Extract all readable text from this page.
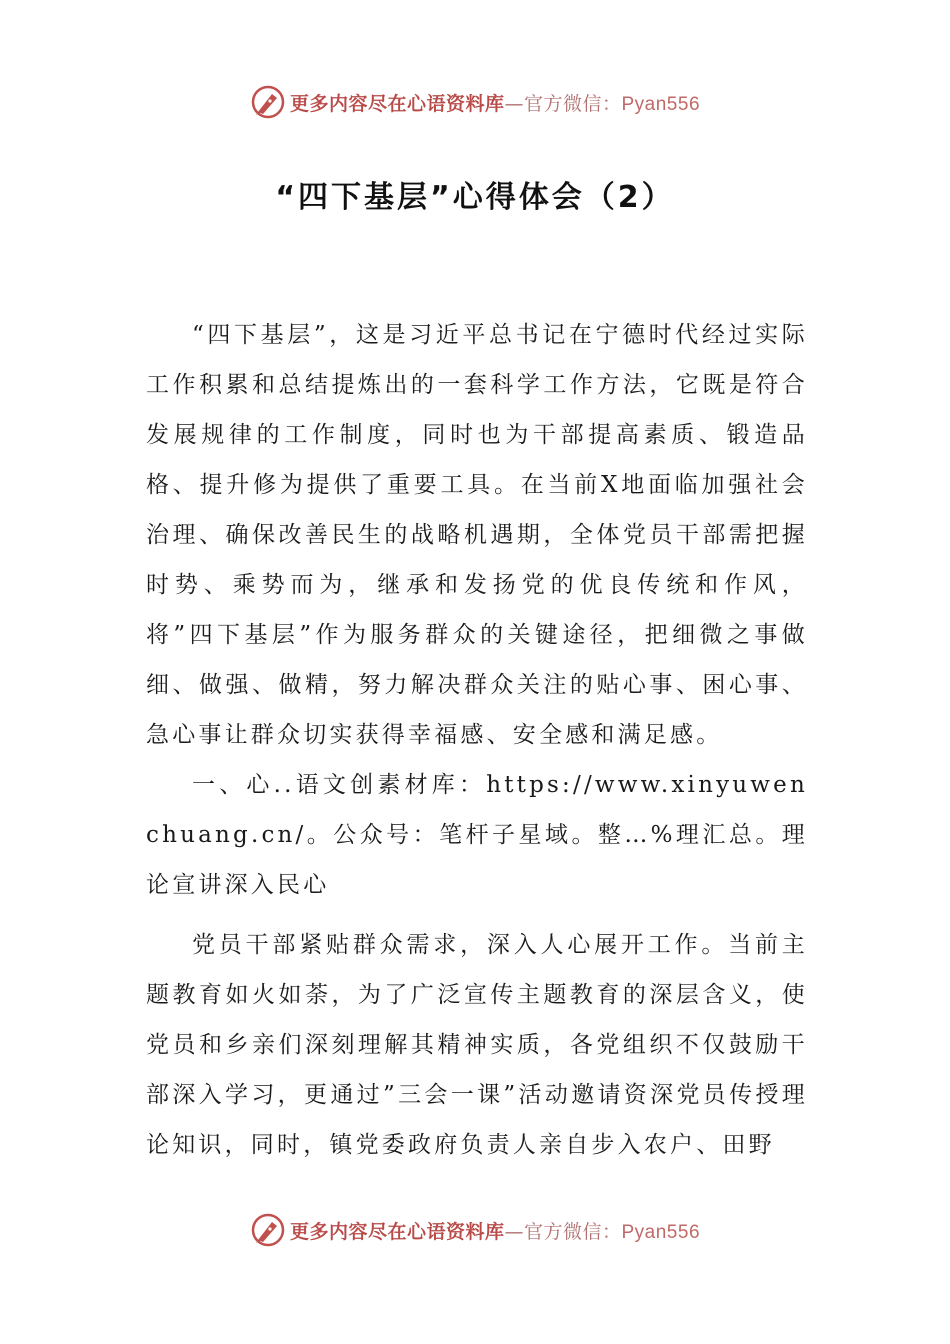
更多内容尽在心语资料库—官方微信：Pyan556
“四下基层”心得体会（2）

“四下基层”，这是习近平总书记在宁德时代经过实际工作积累和总结提炼出的一套科学工作方法，它既是符合发展规律的工作制度，同时也为干部提高素质、锻造品格、提升修为提供了重要工具。在当前X地面临加强社会治理、确保改善民生的战略机遇期，全体党员干部需把握时势、乘势而为，继承和发扬党的优良传统和作风，将”四下基层”作为服务群众的关键途径，把细微之事做细、做强、做精，努力解决群众关注的贴心事、困心事、急心事让群众切实获得幸福感、安全感和满足感。

一、心..语文创素材库：https://www.xinyuwenchuang.cn/。公众号：笔杆子星域。整…%理汇总。理论宣讲深入民心

党员干部紧贴群众需求，深入人心展开工作。当前主题教育如火如荼，为了广泛宣传主题教育的深层含义，使党员和乡亲们深刻理解其精神实质，各党组织不仅鼓励干部深入学习，更通过”三会一课”活动邀请资深党员传授理论知识，同时，镇党委政府负责人亲自步入农户、田野

更多内容尽在心语资料库—官方微信：Pyan556
